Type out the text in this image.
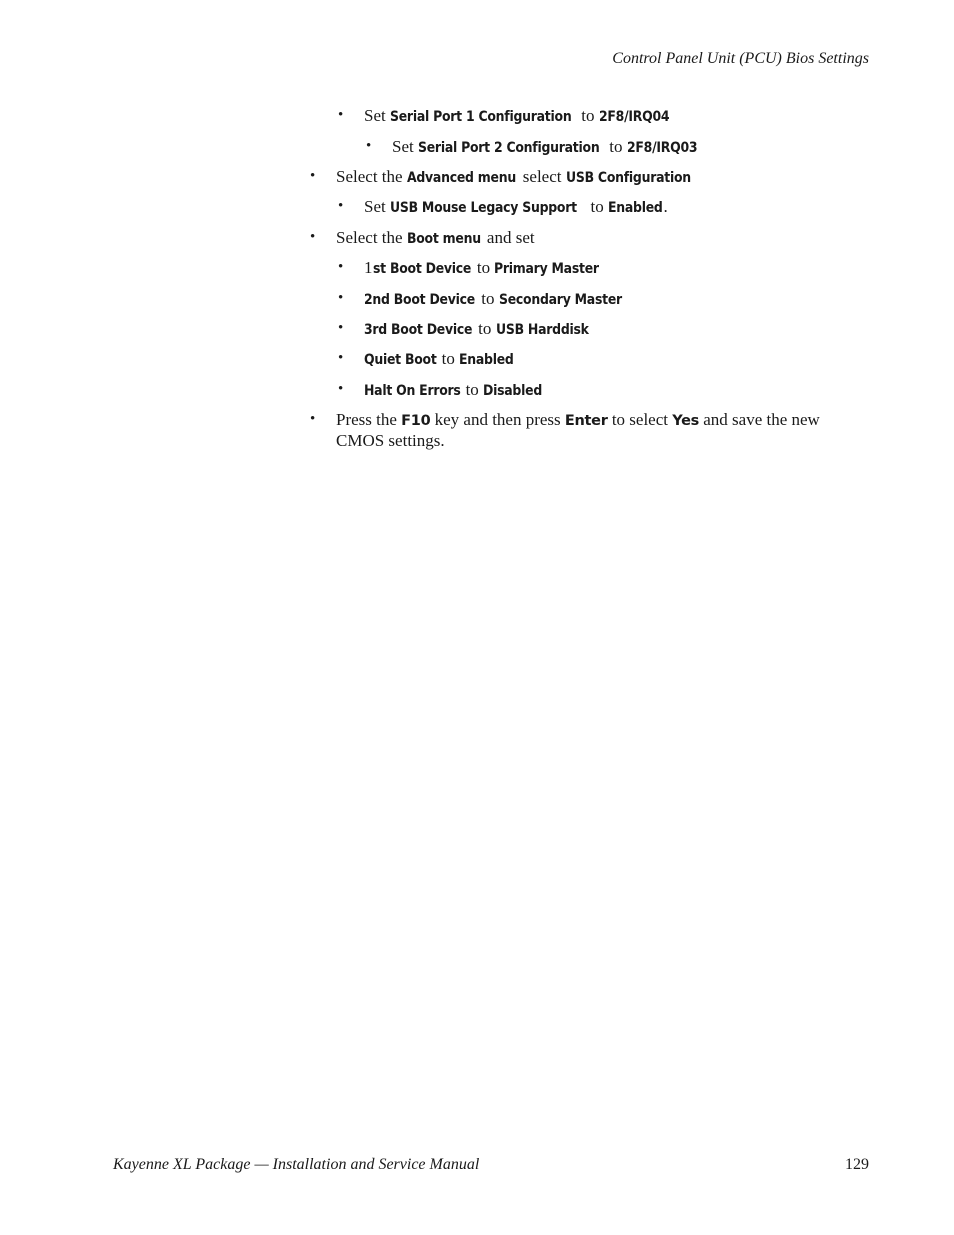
Control Panel Unit (PCU) Bios Settings
• Set Serial Port 1 Configuration to 2F8/IRQ04
• Set Serial Port 2 Configuration to 2F8/IRQ03
• Select the Advanced menu select USB Configuration
• Set USB Mouse Legacy Support to Enabled.
• Select the Boot menu and set
• 1st Boot Device to Primary Master
• 2nd Boot Device to Secondary Master
• 3rd Boot Device to USB Harddisk
• Quiet Boot to Enabled
• Halt On Errors to Disabled
• Press the F10 key and then press Enter to select Yes and save the new CMOS settings.
Kayenne XL Package — Installation and Service Manual	129
